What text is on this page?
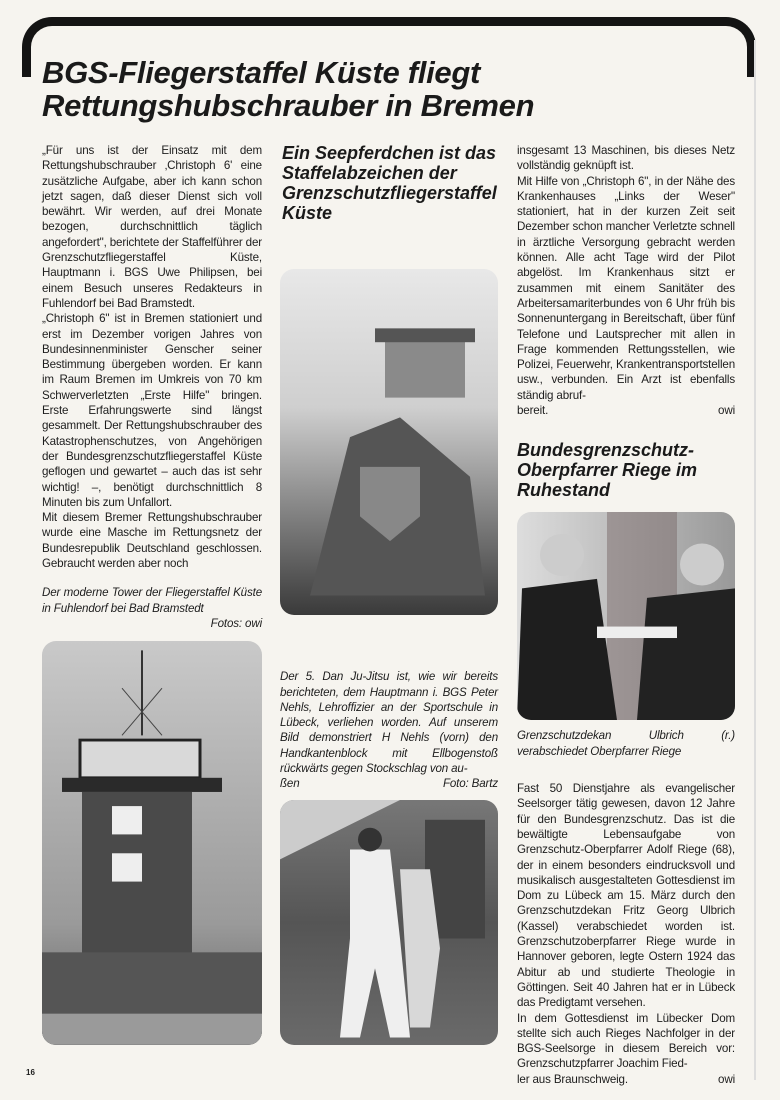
BGS-Fliegerstaffel Küste fliegt
Rettungshubschrauber in Bremen

„Für uns ist der Einsatz mit dem Rettungshubschrauber ‚Christoph 6' eine zusätzliche Aufgabe, aber ich kann schon jetzt sagen, daß dieser Dienst sich voll bewährt. Wir werden, auf drei Monate bezogen, durchschnittlich täglich angefordert", berichtete der Staffelführer der Grenzschutzfliegerstaffel Küste, Hauptmann i. BGS Uwe Philipsen, bei einem Besuch unseres Redakteurs in Fuhlendorf bei Bad Bramstedt.

„Christoph 6" ist in Bremen stationiert und erst im Dezember vorigen Jahres von Bundesinnenminister Genscher seiner Bestimmung übergeben worden. Er kann im Raum Bremen im Umkreis von 70 km Schwerverletzten „Erste Hilfe" bringen. Erste Erfahrungswerte sind längst gesammelt. Der Rettungshubschrauber des Katastrophenschutzes, von Angehörigen der Bundesgrenzschutzfliegerstaffel Küste geflogen und gewartet – auch das ist sehr wichtig! –, benötigt durchschnittlich 8 Minuten bis zum Unfallort.

Mit diesem Bremer Rettungshubschrauber wurde eine Masche im Rettungsnetz der Bundesrepublik Deutschland geschlossen. Gebraucht werden aber noch

Der moderne Tower der Fliegerstaffel Küste in Fuhlendorf bei Bad Bramstedt
Fotos: owi
Ein Seepferdchen ist das Staffelabzeichen der Grenzschutzfliegerstaffel Küste
Der 5. Dan Ju-Jitsu ist, wie wir bereits berichteten, dem Hauptmann i. BGS Peter Nehls, Lehroffizier an der Sportschule in Lübeck, verliehen worden. Auf unserem Bild demonstriert H Nehls (vorn) den Handkantenblock mit Ellbogenstoß rückwärts gegen Stockschlag von au-
ßen	Foto: Bartz

insgesamt 13 Maschinen, bis dieses Netz vollständig geknüpft ist.

Mit Hilfe von „Christoph 6", in der Nähe des Krankenhauses „Links der Weser" stationiert, hat in der kurzen Zeit seit Dezember schon mancher Verletzte schnell in ärztliche Versorgung gebracht werden können. Alle acht Tage wird der Pilot abgelöst. Im Krankenhaus sitzt er zusammen mit einem Sanitäter des Arbeitersamariterbundes von 6 Uhr früh bis Sonnenuntergang in Bereitschaft, über fünf Telefone und Lautsprecher mit allen in Frage kommenden Rettungsstellen, wie Polizei, Feuerwehr, Krankentransportstellen usw., verbunden. Ein Arzt ist ebenfalls ständig abruf-

bereit.	owi

Bundesgrenzschutz-Oberpfarrer Riege im Ruhestand
Grenzschutzdekan Ulbrich (r.) verabschiedet Oberpfarrer Riege

Fast 50 Dienstjahre als evangelischer Seelsorger tätig gewesen, davon 12 Jahre für den Bundesgrenzschutz. Das ist die bewältigte Lebensaufgabe von Grenzschutz-Oberpfarrer Adolf Riege (68), der in einem besonders eindrucksvoll und musikalisch ausgestalteten Gottesdienst im Dom zu Lübeck am 15. März durch den Grenzschutzdekan Fritz Georg Ulbrich (Kassel) verabschiedet worden ist. Grenzschutzoberpfarrer Riege wurde in Hannover geboren, legte Ostern 1924 das Abitur ab und studierte Theologie in Göttingen. Seit 40 Jahren hat er in Lübeck das Predigtamt versehen.

In dem Gottesdienst im Lübecker Dom stellte sich auch Rieges Nachfolger in der BGS-Seelsorge in diesem Bereich vor: Grenzschutzpfarrer Joachim Fied-

ler aus Braunschweig.	owi

16
